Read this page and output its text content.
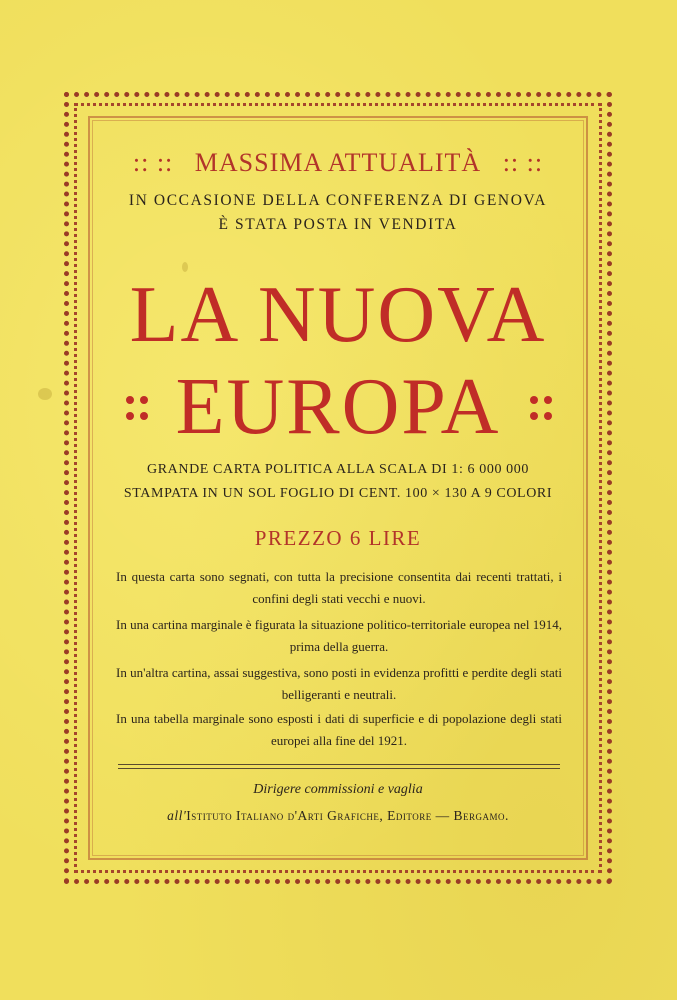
:: :: MASSIMA ATTUALITÀ :: ::
IN OCCASIONE DELLA CONFERENZA DI GENOVA
È STATA POSTA IN VENDITA
LA NUOVA
EUROPA
GRANDE CARTA POLITICA ALLA SCALA DI 1: 6 000 000
STAMPATA IN UN SOL FOGLIO DI CENT. 100 × 130 A 9 COLORI
PREZZO 6 LIRE
In questa carta sono segnati, con tutta la precisione consentita dai recenti trattati, i confini degli stati vecchi e nuovi.
In una cartina marginale è figurata la situazione politico-territoriale europea nel 1914, prima della guerra.
In un'altra cartina, assai suggestiva, sono posti in evidenza profitti e perdite degli stati belligeranti e neutrali.
In una tabella marginale sono esposti i dati di superficie e di popolazione degli stati europei alla fine del 1921.
Dirigere commissioni e vaglia
all'Istituto Italiano d'Arti Grafiche, Editore — Bergamo.
